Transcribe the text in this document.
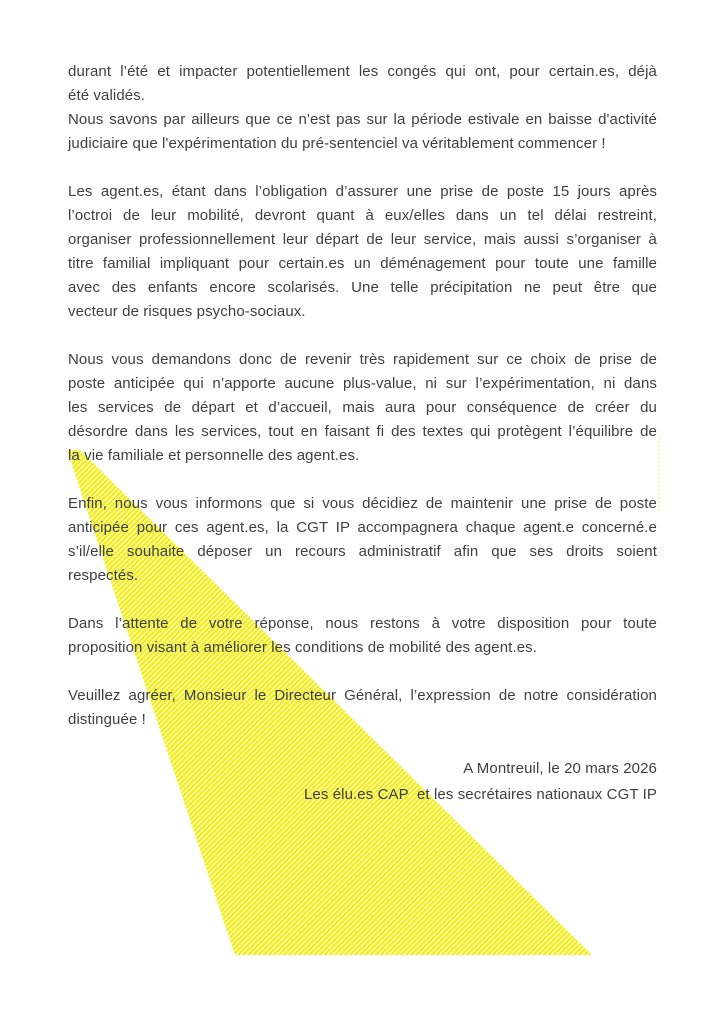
durant l’été et impacter potentiellement les congés qui ont, pour certain.es, déjà
été validés.
Nous savons par ailleurs que ce n'est pas sur la période estivale en baisse d'activité
judiciaire que l'expérimentation du pré-sentenciel va véritablement commencer !
Les agent.es, étant dans l’obligation d’assurer une prise de poste 15 jours après
l’octroi de leur mobilité, devront quant à eux/elles dans un tel délai restreint,
organiser professionnellement leur départ de leur service, mais aussi s’organiser à
titre familial impliquant pour certain.es un déménagement pour toute une famille
avec des enfants encore scolarisés. Une telle précipitation ne peut être que
vecteur de risques psycho-sociaux.
Nous vous demandons donc de revenir très rapidement sur ce choix de prise de
poste anticipée qui n’apporte aucune plus-value, ni sur l’expérimentation, ni dans
les services de départ et d’accueil, mais aura pour conséquence de créer du
désordre dans les services, tout en faisant fi des textes qui protègent l’équilibre de
la vie familiale et personnelle des agent.es.
Enfin, nous vous informons que si vous décidiez de maintenir une prise de poste
anticipée pour ces agent.es, la CGT IP accompagnera chaque agent.e concerné.e
s’il/elle souhaite déposer un recours administratif afin que ses droits soient
respectés.
Dans l’attente de votre réponse, nous restons à votre disposition pour toute
proposition visant à améliorer les conditions de mobilité des agent.es.
Veuillez agréer, Monsieur le Directeur Général, l’expression de notre considération
distinguée !
A Montreuil, le 20 mars 2026
Les élu.es CAP  et les secrétaires nationaux CGT IP
